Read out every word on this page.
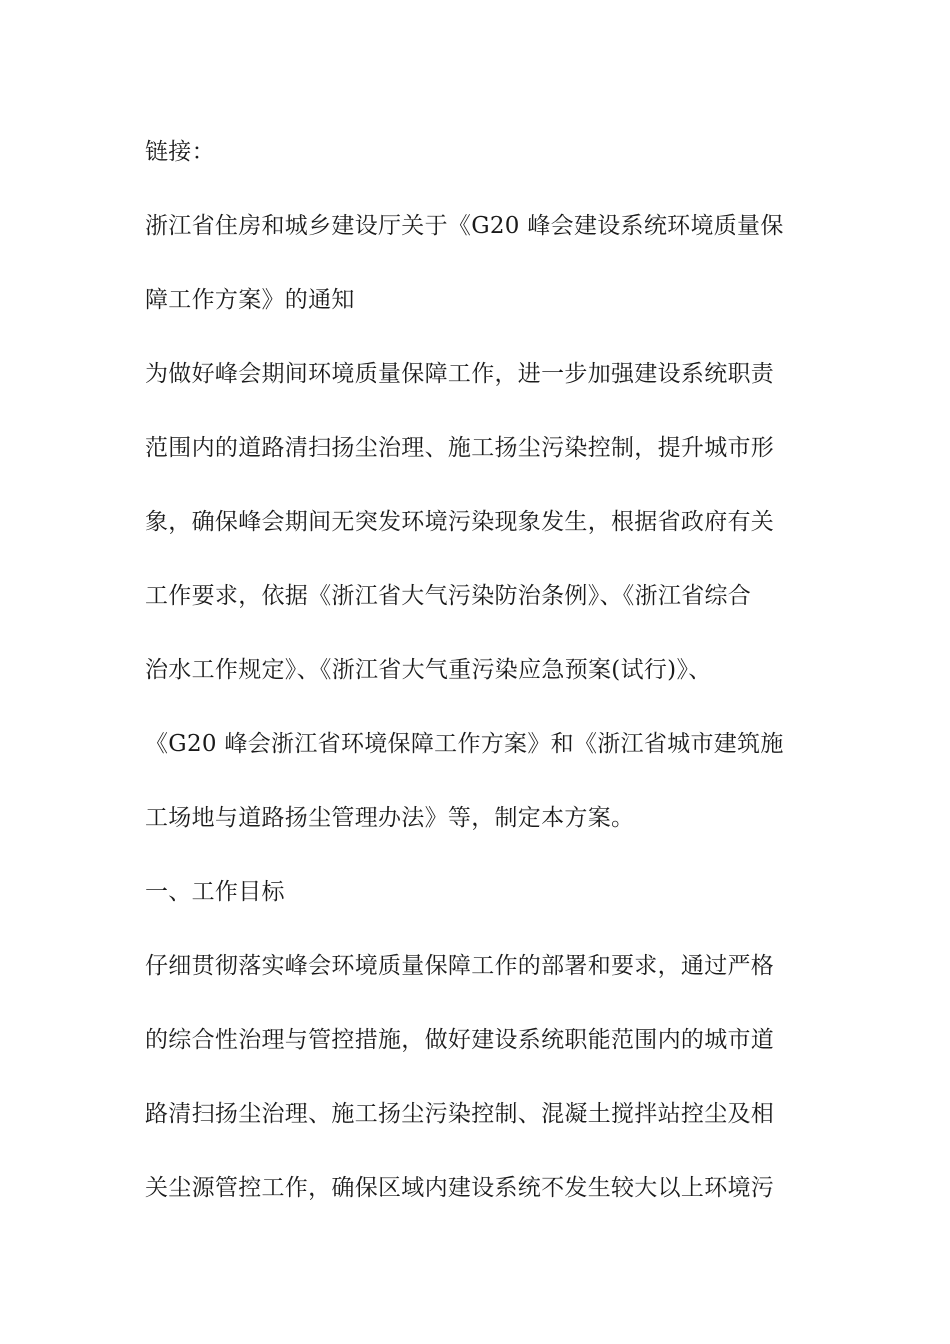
链接：

浙江省住房和城乡建设厅关于《G20 峰会建设系统环境质量保

障工作方案》的通知

为做好峰会期间环境质量保障工作，进一步加强建设系统职责

范围内的道路清扫扬尘治理、施工扬尘污染控制，提升城市形

象，确保峰会期间无突发环境污染现象发生，根据省政府有关

工作要求，依据《浙江省大气污染防治条例》、《浙江省综合

治水工作规定》、《浙江省大气重污染应急预案(试行)》、

《G20 峰会浙江省环境保障工作方案》和《浙江省城市建筑施

工场地与道路扬尘管理办法》等，制定本方案。

一、工作目标

仔细贯彻落实峰会环境质量保障工作的部署和要求，通过严格

的综合性治理与管控措施，做好建设系统职能范围内的城市道

路清扫扬尘治理、施工扬尘污染控制、混凝土搅拌站控尘及相

关尘源管控工作，确保区域内建设系统不发生较大以上环境污
